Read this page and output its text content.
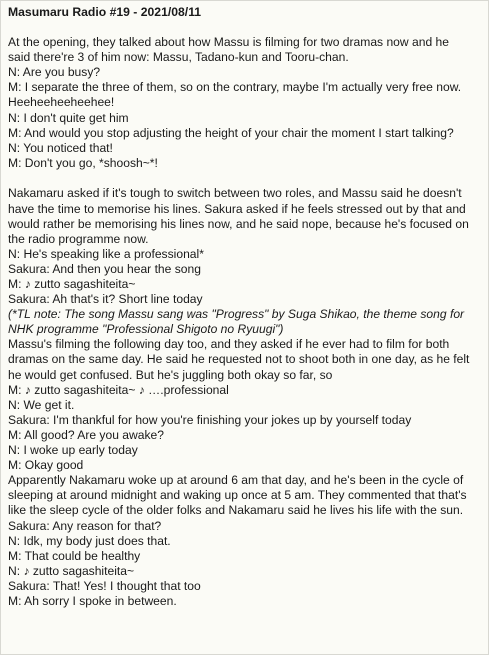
Masumaru Radio #19 - 2021/08/11
At the opening, they talked about how Massu is filming for two dramas now and he
said there're 3 of him now: Massu, Tadano-kun and Tooru-chan.
N: Are you busy?
M: I separate the three of them, so on the contrary, maybe I'm actually very free now.
Heeheeheeheehee!
N: I don't quite get him
M: And would you stop adjusting the height of your chair the moment I start talking?
N: You noticed that!
M: Don't you go, *shoosh~*!
Nakamaru asked if it's tough to switch between two roles, and Massu said he doesn't
have the time to memorise his lines. Sakura asked if he feels stressed out by that and
would rather be memorising his lines now, and he said nope, because he's focused on
the radio programme now.
N: He's speaking like a professional*
Sakura: And then you hear the song
M: ♪ zutto sagashiteita~
Sakura: Ah that's it? Short line today
(*TL note: The song Massu sang was "Progress" by Suga Shikao, the theme song for
NHK programme "Professional Shigoto no Ryuugi")
Massu's filming the following day too, and they asked if he ever had to film for both
dramas on the same day. He said he requested not to shoot both in one day, as he felt
he would get confused. But he's juggling both okay so far, so
M: ♪ zutto sagashiteita~ ♪ ….professional
N: We get it.
Sakura: I'm thankful for how you're finishing your jokes up by yourself today
M: All good? Are you awake?
N: I woke up early today
M: Okay good
Apparently Nakamaru woke up at around 6 am that day, and he's been in the cycle of
sleeping at around midnight and waking up once at 5 am. They commented that that's
like the sleep cycle of the older folks and Nakamaru said he lives his life with the sun.
Sakura: Any reason for that?
N: Idk, my body just does that.
M: That could be healthy
N: ♪ zutto sagashiteita~
Sakura: That! Yes! I thought that too
M: Ah sorry I spoke in between.
